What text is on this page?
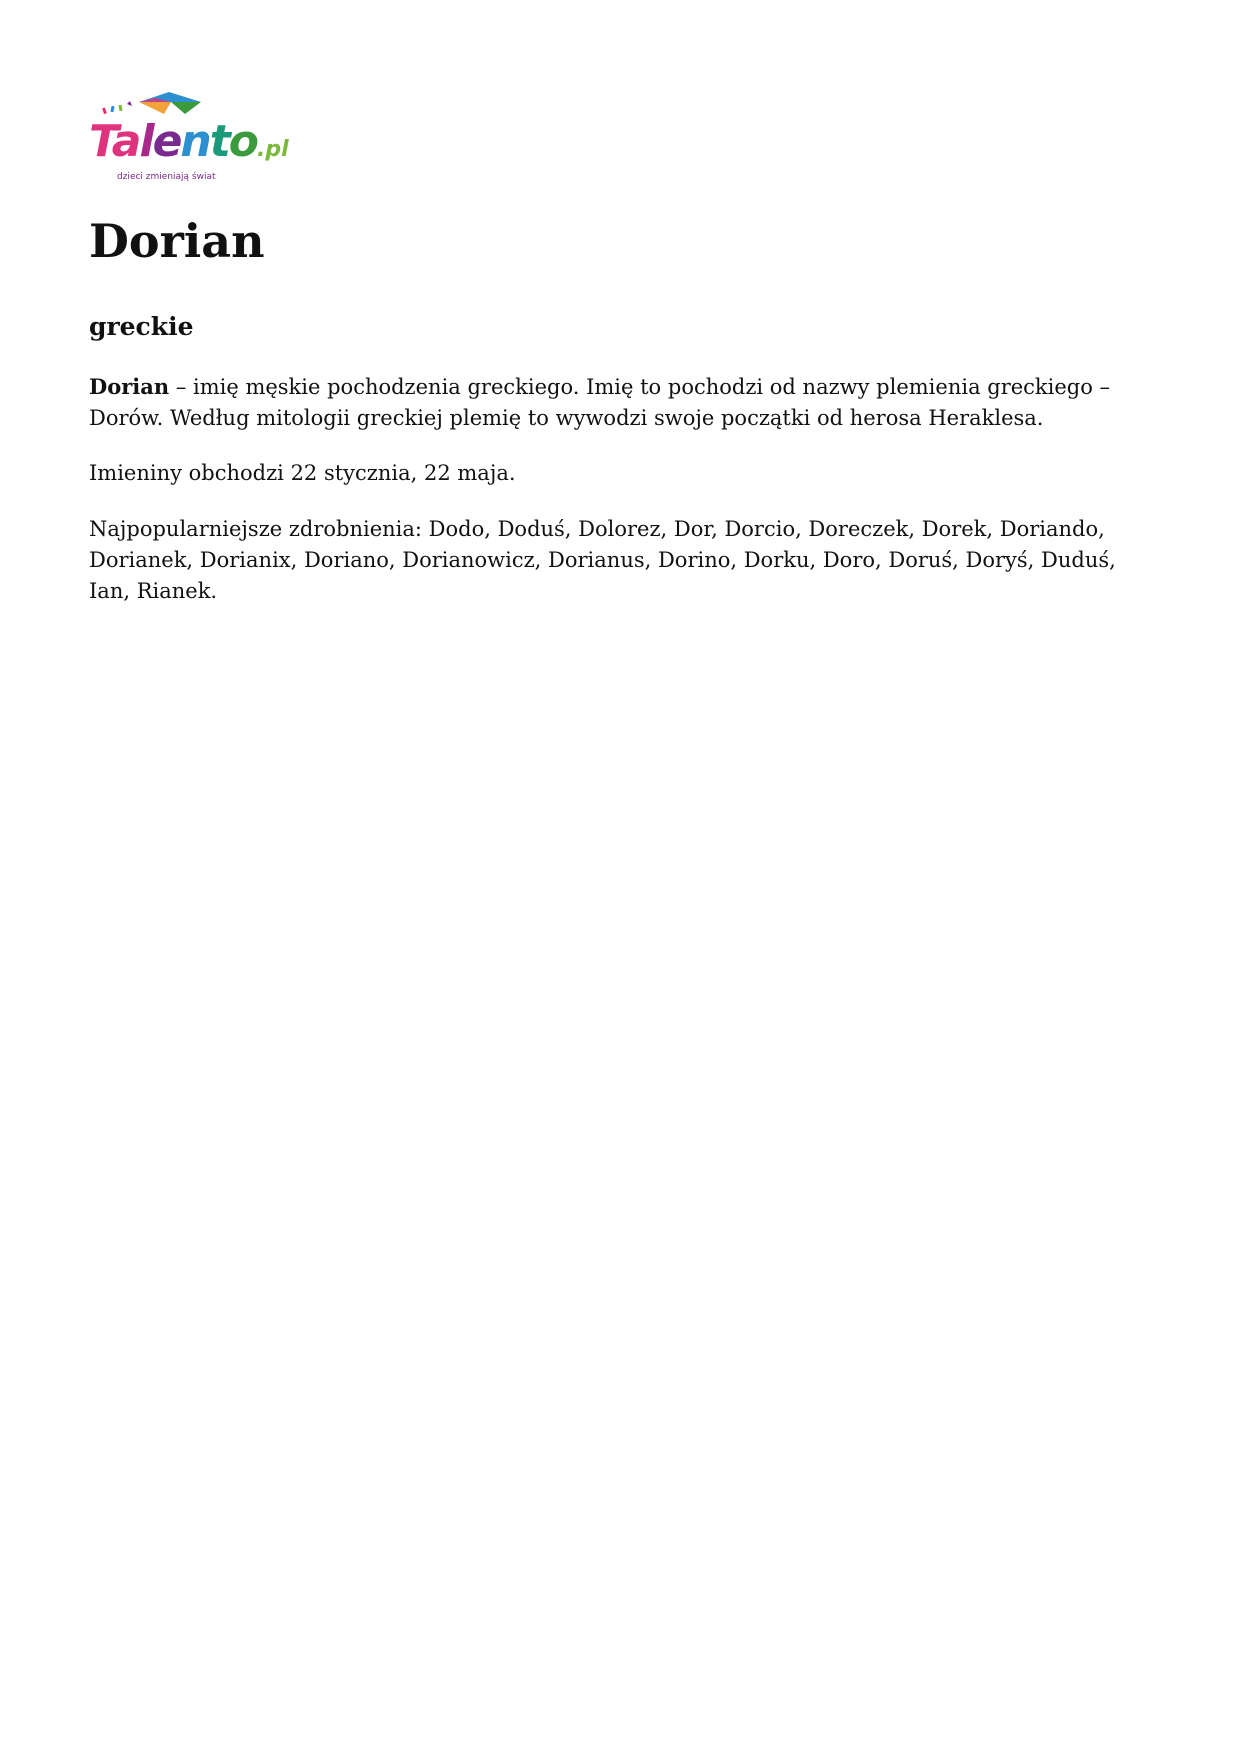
Talento.pl
dzieci zmieniają świat
Dorian
greckie

Dorian – imię męskie pochodzenia greckiego. Imię to pochodzi od nazwy plemienia greckiego – Dorów. Według mitologii greckiej plemię to wywodzi swoje początki od herosa Heraklesa.

Imieniny obchodzi 22 stycznia, 22 maja.

Najpopularniejsze zdrobnienia: Dodo, Doduś, Dolorez, Dor, Dorcio, Doreczek, Dorek, Doriando, Dorianek, Dorianix, Doriano, Dorianowicz, Dorianus, Dorino, Dorku, Doro, Doruś, Doryś, Duduś, Ian, Rianek.
